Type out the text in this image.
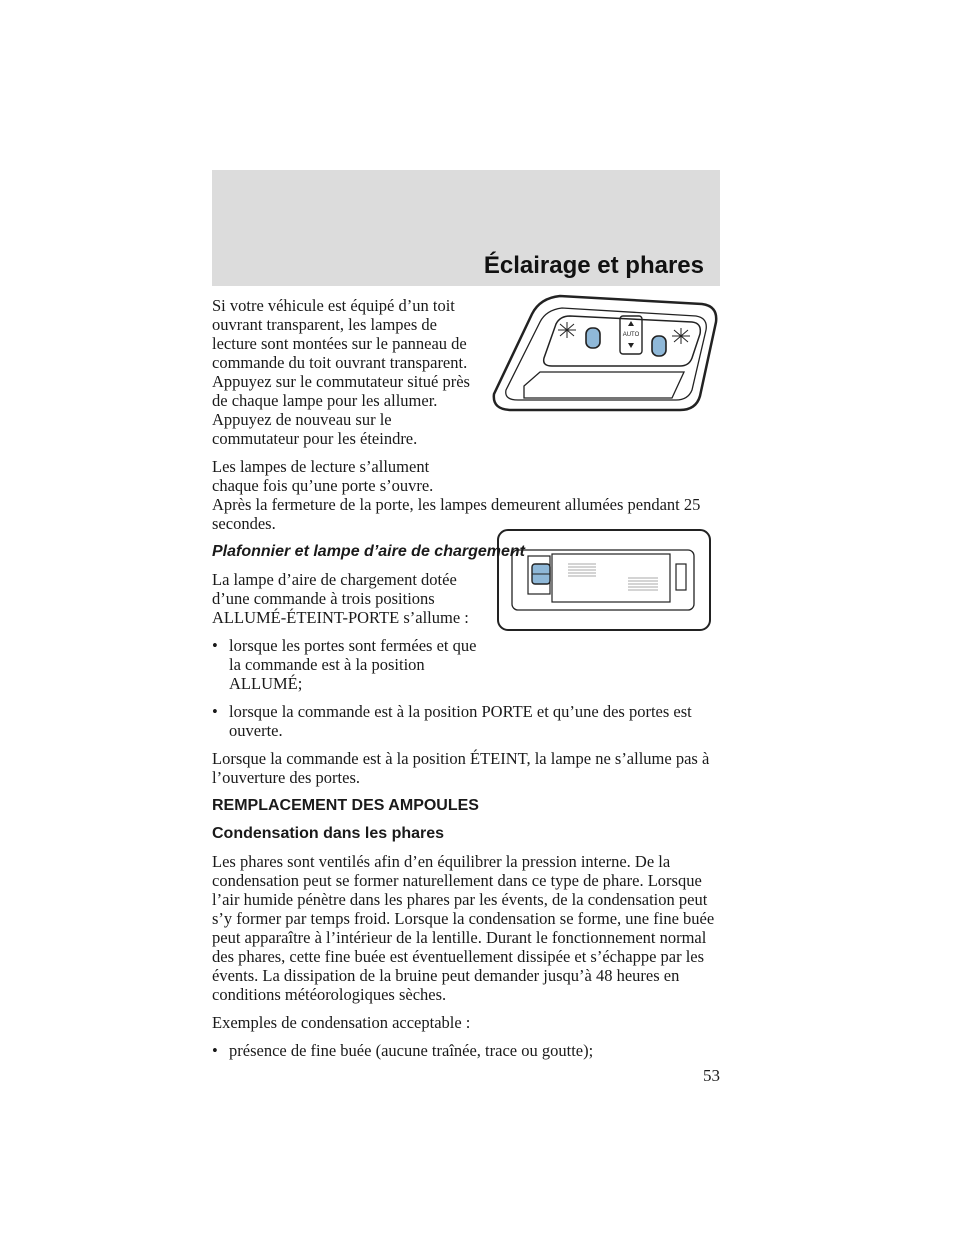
Éclairage et phares
AUTO

Si votre véhicule est équipé d’un toit ouvrant transparent, les lampes de lecture sont montées sur le panneau de commande du toit ouvrant transparent. Appuyez sur le commutateur situé près de chaque lampe pour les allumer. Appuyez de nouveau sur le commutateur pour les éteindre.

Les lampes de lecture s’allument chaque fois qu’une porte s’ouvre.

Après la fermeture de la porte, les lampes demeurent allumées pendant 25 secondes.

Plafonnier et lampe d’aire de chargement

La lampe d’aire de chargement dotée d’une commande à trois positions ALLUMÉ-ÉTEINT-PORTE s’allume :

• lorsque les portes sont fermées et que la commande est à la position ALLUMÉ;
• lorsque la commande est à la position PORTE et qu’une des portes est ouverte.

Lorsque la commande est à la position ÉTEINT, la lampe ne s’allume pas à l’ouverture des portes.

REMPLACEMENT DES AMPOULES

Condensation dans les phares

Les phares sont ventilés afin d’en équilibrer la pression interne. De la condensation peut se former naturellement dans ce type de phare. Lorsque l’air humide pénètre dans les phares par les évents, de la condensation peut s’y former par temps froid. Lorsque la condensation se forme, une fine buée peut apparaître à l’intérieur de la lentille. Durant le fonctionnement normal des phares, cette fine buée est éventuellement dissipée et s’échappe par les évents. La dissipation de la bruine peut demander jusqu’à 48 heures en conditions météorologiques sèches.

Exemples de condensation acceptable :

• présence de fine buée (aucune traînée, trace ou goutte);
53
